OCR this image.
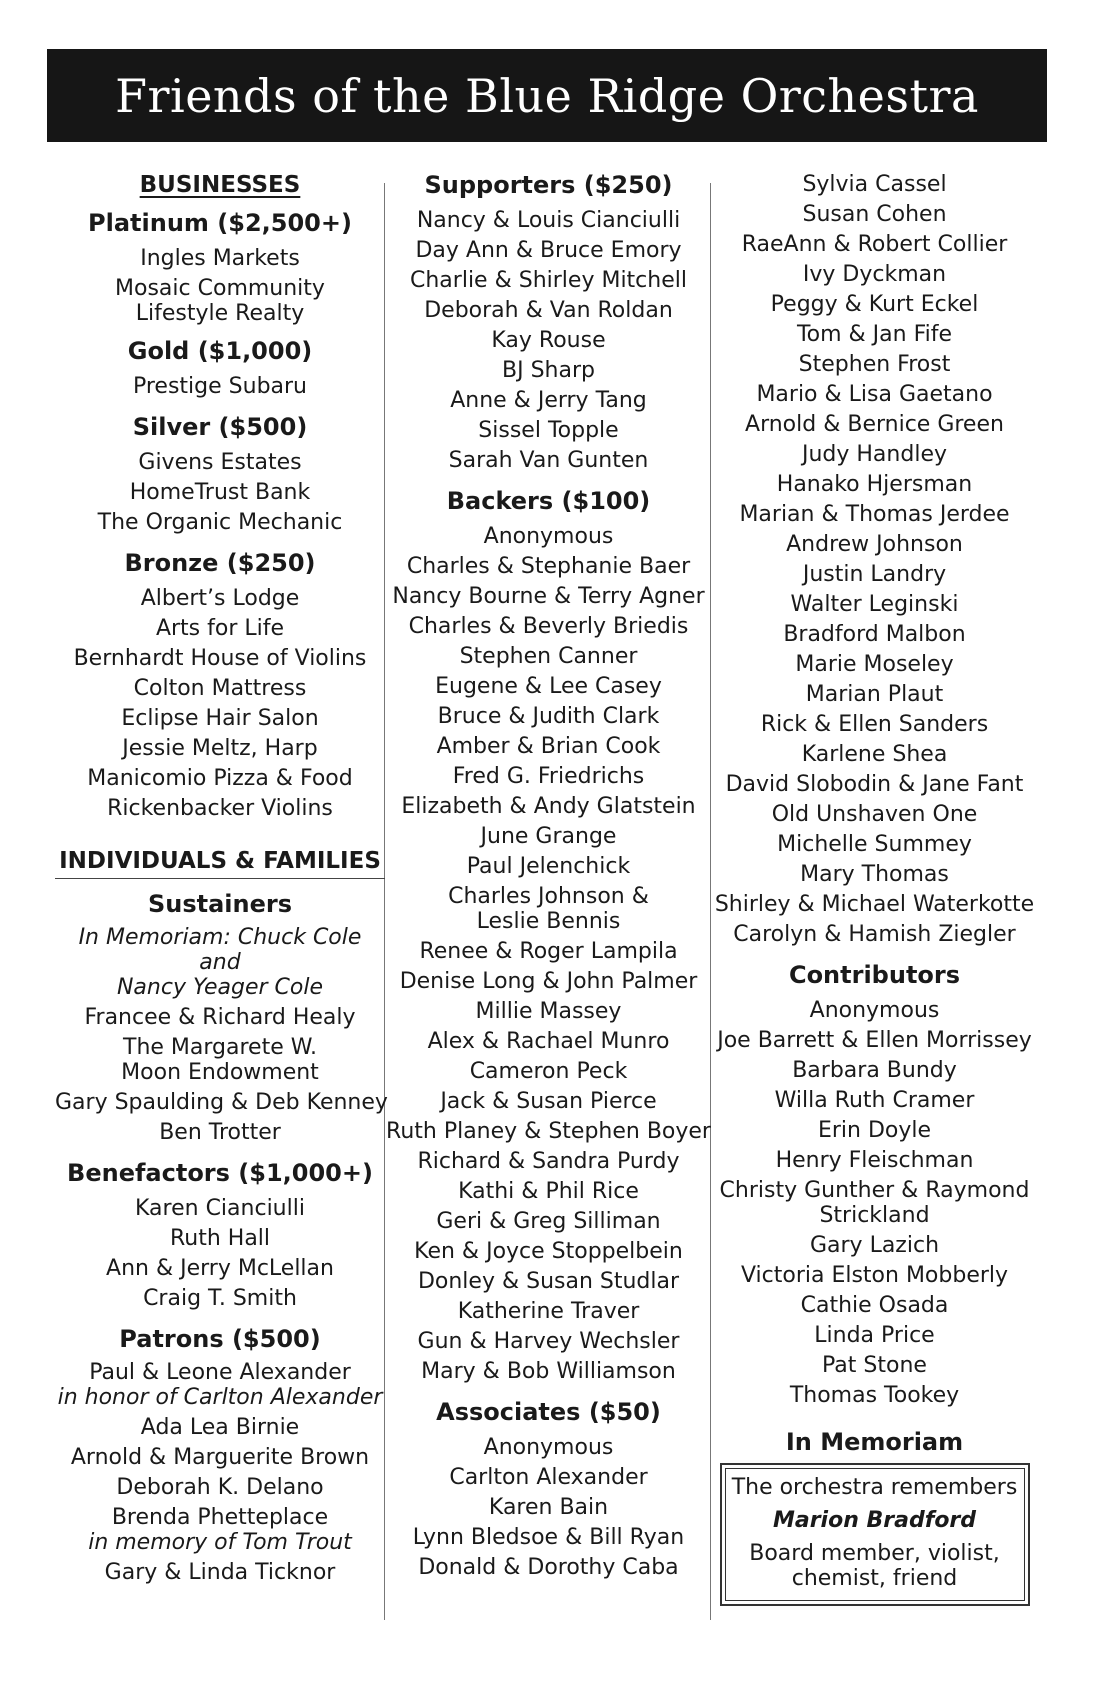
Friends of the Blue Ridge Orchestra
BUSINESSES
Platinum ($2,500+)
Ingles Markets
Mosaic Community
Lifestyle Realty
Gold ($1,000)
Prestige Subaru
Silver ($500)
Givens Estates
HomeTrust Bank
The Organic Mechanic
Bronze ($250)
Albert’s Lodge
Arts for Life
Bernhardt House of Violins
Colton Mattress
Eclipse Hair Salon
Jessie Meltz, Harp
Manicomio Pizza & Food
Rickenbacker Violins
INDIVIDUALS & FAMILIES
Sustainers
In Memoriam: Chuck Cole and
Nancy Yeager Cole
Francee & Richard Healy
The Margarete W.
Moon Endowment
Gary Spaulding & Deb Kenney
Ben Trotter
Benefactors ($1,000+)
Karen Cianciulli
Ruth Hall
Ann & Jerry McLellan
Craig T. Smith
Patrons ($500)
Paul & Leone Alexander
in honor of Carlton Alexander
Ada Lea Birnie
Arnold & Marguerite Brown
Deborah K. Delano
Brenda Phetteplace
in memory of Tom Trout
Gary & Linda Ticknor
Supporters ($250)
Nancy & Louis Cianciulli
Day Ann & Bruce Emory
Charlie & Shirley Mitchell
Deborah & Van Roldan
Kay Rouse
BJ Sharp
Anne & Jerry Tang
Sissel Topple
Sarah Van Gunten
Backers ($100)
Anonymous
Charles & Stephanie Baer
Nancy Bourne & Terry Agner
Charles & Beverly Briedis
Stephen Canner
Eugene & Lee Casey
Bruce & Judith Clark
Amber & Brian Cook
Fred G. Friedrichs
Elizabeth & Andy Glatstein
June Grange
Paul Jelenchick
Charles Johnson &
Leslie Bennis
Renee & Roger Lampila
Denise Long & John Palmer
Millie Massey
Alex & Rachael Munro
Cameron Peck
Jack & Susan Pierce
Ruth Planey & Stephen Boyer
Richard & Sandra Purdy
Kathi & Phil Rice
Geri & Greg Silliman
Ken & Joyce Stoppelbein
Donley & Susan Studlar
Katherine Traver
Gun & Harvey Wechsler
Mary & Bob Williamson
Associates ($50)
Anonymous
Carlton Alexander
Karen Bain
Lynn Bledsoe & Bill Ryan
Donald & Dorothy Caba
Sylvia Cassel
Susan Cohen
RaeAnn & Robert Collier
Ivy Dyckman
Peggy & Kurt Eckel
Tom & Jan Fife
Stephen Frost
Mario & Lisa Gaetano
Arnold & Bernice Green
Judy Handley
Hanako Hjersman
Marian & Thomas Jerdee
Andrew Johnson
Justin Landry
Walter Leginski
Bradford Malbon
Marie Moseley
Marian Plaut
Rick & Ellen Sanders
Karlene Shea
David Slobodin & Jane Fant
Old Unshaven One
Michelle Summey
Mary Thomas
Shirley & Michael Waterkotte
Carolyn & Hamish Ziegler
Contributors
Anonymous
Joe Barrett & Ellen Morrissey
Barbara Bundy
Willa Ruth Cramer
Erin Doyle
Henry Fleischman
Christy Gunther & Raymond
Strickland
Gary Lazich
Victoria Elston Mobberly
Cathie Osada
Linda Price
Pat Stone
Thomas Tookey
In Memoriam
The orchestra remembers
Marion Bradford
Board member, violist,
chemist, friend
